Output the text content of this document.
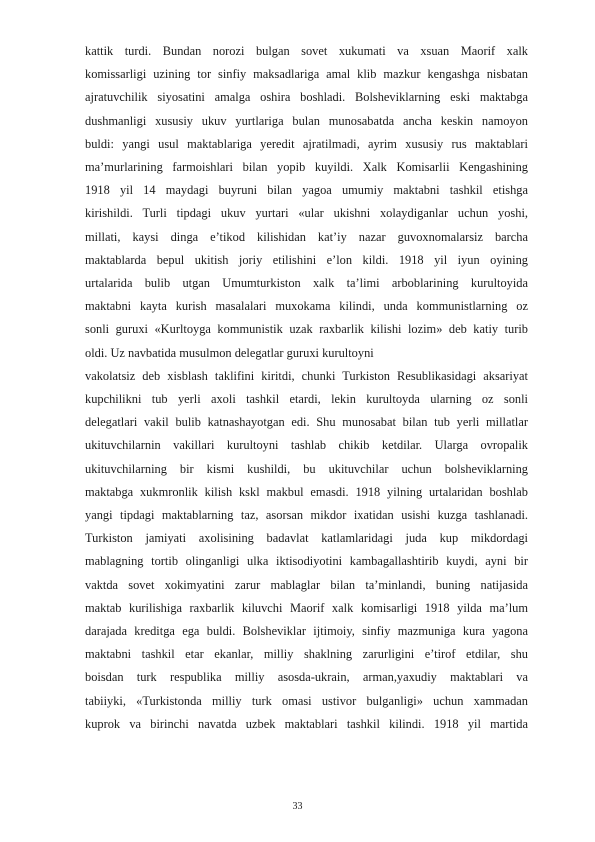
kattik turdi. Bundan norozi bulgan sovet xukumati va xsuan Maorif xalk
komissarligi uzining tor sinfiy maksadlariga amal klib mazkur kengashga nisbatan
ajratuvchilik siyosatini amalga oshira boshladi. Bolsheviklarning eski maktabga
dushmanligi xususiy ukuv yurtlariga bulan munosabatda ancha keskin namoyon
buldi: yangi usul maktablariga yeredit ajratilmadi, ayrim xususiy rus maktablari
ma’murlarining farmoishlari bilan yopib kuyildi. Xalk Komisarlii Kengashining
1918 yil 14 maydagi buyruni bilan yagoa umumiy maktabni tashkil etishga
kirishildi. Turli tipdagi ukuv yurtari «ular ukishni xolaydiganlar uchun yoshi,
millati, kaysi dinga e’tikod kilishidan kat’iy nazar guvoxnomalarsiz barcha
maktablarda bepul ukitish joriy etilishini e’lon kildi. 1918 yil iyun oyining
urtalarida bulib utgan Umumturkiston xalk ta’limi arboblarining kurultoyida
maktabni kayta kurish masalalari muxokama kilindi, unda kommunistlarning oz
sonli guruxi «Kurltoyga kommunistik uzak raxbarlik kilishi lozim» deb katiy turib
oldi. Uz navbatida musulmon delegatlar guruxi kurultoyni

vakolatsiz deb xisblash taklifini kiritdi, chunki Turkiston Resublikasidagi aksariyat
kupchilikni tub yerli axoli tashkil etardi, lekin kurultoyda ularning oz sonli
delegatlari vakil bulib katnashayotgan edi. Shu munosabat bilan tub yerli millatlar
ukituvchilarnin vakillari kurultoyni tashlab chikib ketdilar. Ularga ovropalik
ukituvchilarning bir kismi kushildi, bu ukituvchilar uchun bolsheviklarning
maktabga xukmronlik kilish kskl makbul emasdi. 1918 yilning urtalaridan boshlab
yangi tipdagi maktablarning taz, asorsan mikdor ixatidan usishi kuzga tashlanadi.
Turkiston jamiyati axolisining badavlat katlamlaridagi juda kup mikdordagi
mablagning tortib olinganligi ulka iktisodiyotini kambagallashtirib kuydi, ayni bir
vaktda sovet xokimyatini zarur mablaglar bilan ta’minlandi, buning natijasida
maktab kurilishiga raxbarlik kiluvchi Maorif xalk komisarligi 1918 yilda ma’lum
darajada kreditga ega buldi. Bolsheviklar ijtimoiy, sinfiy mazmuniga kura yagona
maktabni tashkil etar ekanlar, milliy shaklning zarurligini e’tirof etdilar, shu
boisdan turk respublika milliy asosda-ukrain, arman,yaxudiy maktablari va
tabiiyki, «Turkistonda milliy turk omasi ustivor bulganligi» uchun xammadan
kuprok va birinchi navatda uzbek maktablari tashkil kilindi. 1918 yil martida

33
